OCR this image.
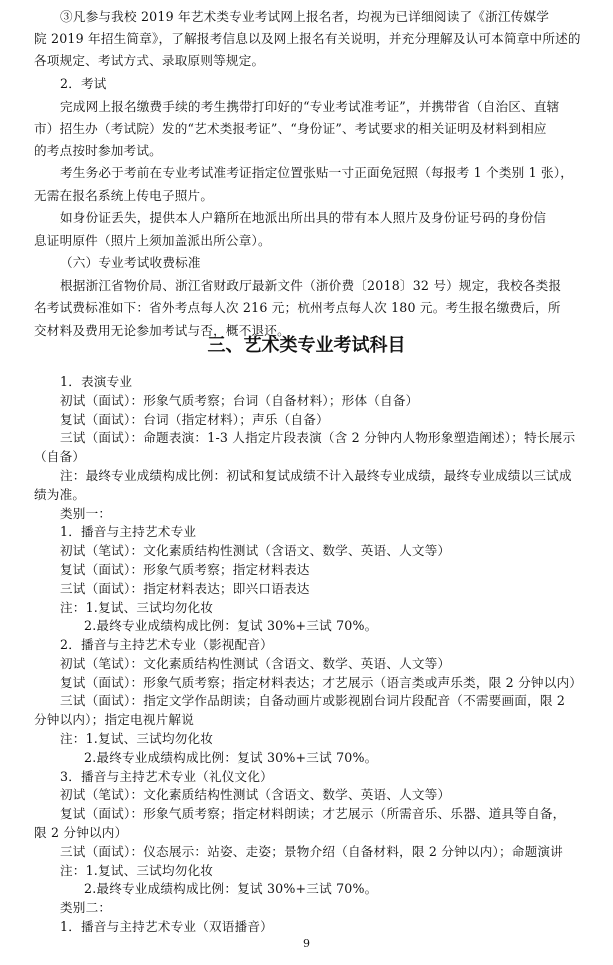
③凡参与我校 2019 年艺术类专业考试网上报名者，均视为已详细阅读了《浙江传媒学
院 2019 年招生简章》，了解报考信息以及网上报名有关说明，并充分理解及认可本简章中所述的
各项规定、考试方式、录取原则等规定。
2．考试
完成网上报名缴费手续的考生携带打印好的“专业考试准考证”，并携带省（自治区、直辖
市）招生办（考试院）发的“艺术类报考证”、“身份证”、考试要求的相关证明及材料到相应
的考点按时参加考试。
考生务必于考前在专业考试准考证指定位置张贴一寸正面免冠照（每报考 1 个类别 1 张），
无需在报名系统上传电子照片。
如身份证丢失，提供本人户籍所在地派出所出具的带有本人照片及身份证号码的身份信
息证明原件（照片上须加盖派出所公章）。
（六）专业考试收费标准
根据浙江省物价局、浙江省财政厅最新文件（浙价费〔2018〕32 号）规定，我校各类报
名考试费标准如下：省外考点每人次 216 元；杭州考点每人次 180 元。考生报名缴费后，所
交材料及费用无论参加考试与否，概不退还。
三、艺术类专业考试科目
1．表演专业
初试（面试）：形象气质考察；台词（自备材料）；形体（自备）
复试（面试）：台词（指定材料）；声乐（自备）
三试（面试）：命题表演：1-3 人指定片段表演（含 2 分钟内人物形象塑造阐述）；特长展示
（自备）
注：最终专业成绩构成比例：初试和复试成绩不计入最终专业成绩，最终专业成绩以三试成
绩为准。
类别一：
1．播音与主持艺术专业
初试（笔试）：文化素质结构性测试（含语文、数学、英语、人文等）
复试（面试）：形象气质考察；指定材料表达
三试（面试）：指定材料表达；即兴口语表达
注：1.复试、三试均勿化妆
2.最终专业成绩构成比例：复试 30%+三试 70%。
2．播音与主持艺术专业（影视配音）
初试（笔试）：文化素质结构性测试（含语文、数学、英语、人文等）
复试（面试）：形象气质考察；指定材料表达；才艺展示（语言类或声乐类，限 2 分钟以内）
三试（面试）：指定文学作品朗读；自备动画片或影视剧台词片段配音（不需要画面，限 2
分钟以内）；指定电视片解说
注：1.复试、三试均勿化妆
2.最终专业成绩构成比例：复试 30%+三试 70%。
3．播音与主持艺术专业（礼仪文化）
初试（笔试）：文化素质结构性测试（含语文、数学、英语、人文等）
复试（面试）：形象气质考察；指定材料朗读；才艺展示（所需音乐、乐器、道具等自备，
限 2 分钟以内）
三试（面试）：仪态展示：站姿、走姿；景物介绍（自备材料，限 2 分钟以内）；命题演讲
注：1.复试、三试均勿化妆
2.最终专业成绩构成比例：复试 30%+三试 70%。
类别二：
1．播音与主持艺术专业（双语播音）
9
